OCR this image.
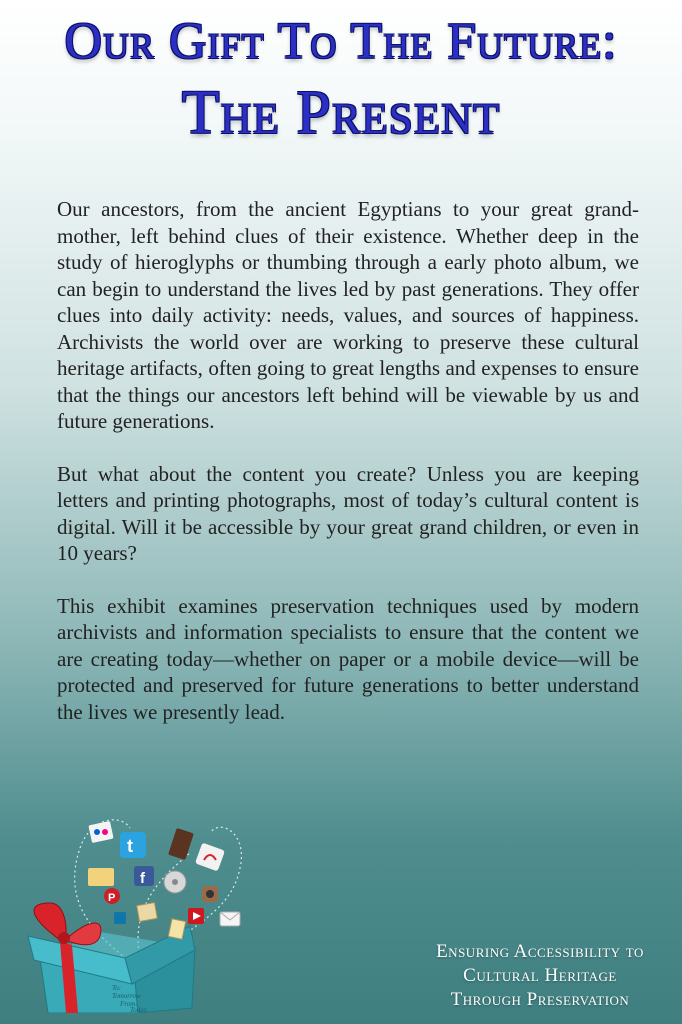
Our Gift To The Future:
The Present

Our ancestors, from the ancient Egyptians to your great grand-mother, left behind clues of their existence. Whether deep in the study of hieroglyphs or thumbing through a early photo album, we can begin to understand the lives led by past generations. They offer clues into daily activity: needs, values, and sources of happiness. Archivists the world over are working to preserve these cultural heritage artifacts, often going to great lengths and expenses to ensure that the things our ancestors left behind will be viewable by us and future generations.

But what about the content you create? Unless you are keeping letters and printing photographs, most of today’s cultural content is digital. Will it be accessible by your great grand children, or even in 10 years?

This exhibit examines preservation techniques used by modern archivists and information specialists to ensure that the content we are creating today—whether on paper or a mobile device—will be protected and preserved for future generations to better understand the lives we presently lead.

To:
Tomorrow
From:
Today
t
f
P
Ensuring Accessibility to
Cultural Heritage
Through Preservation
